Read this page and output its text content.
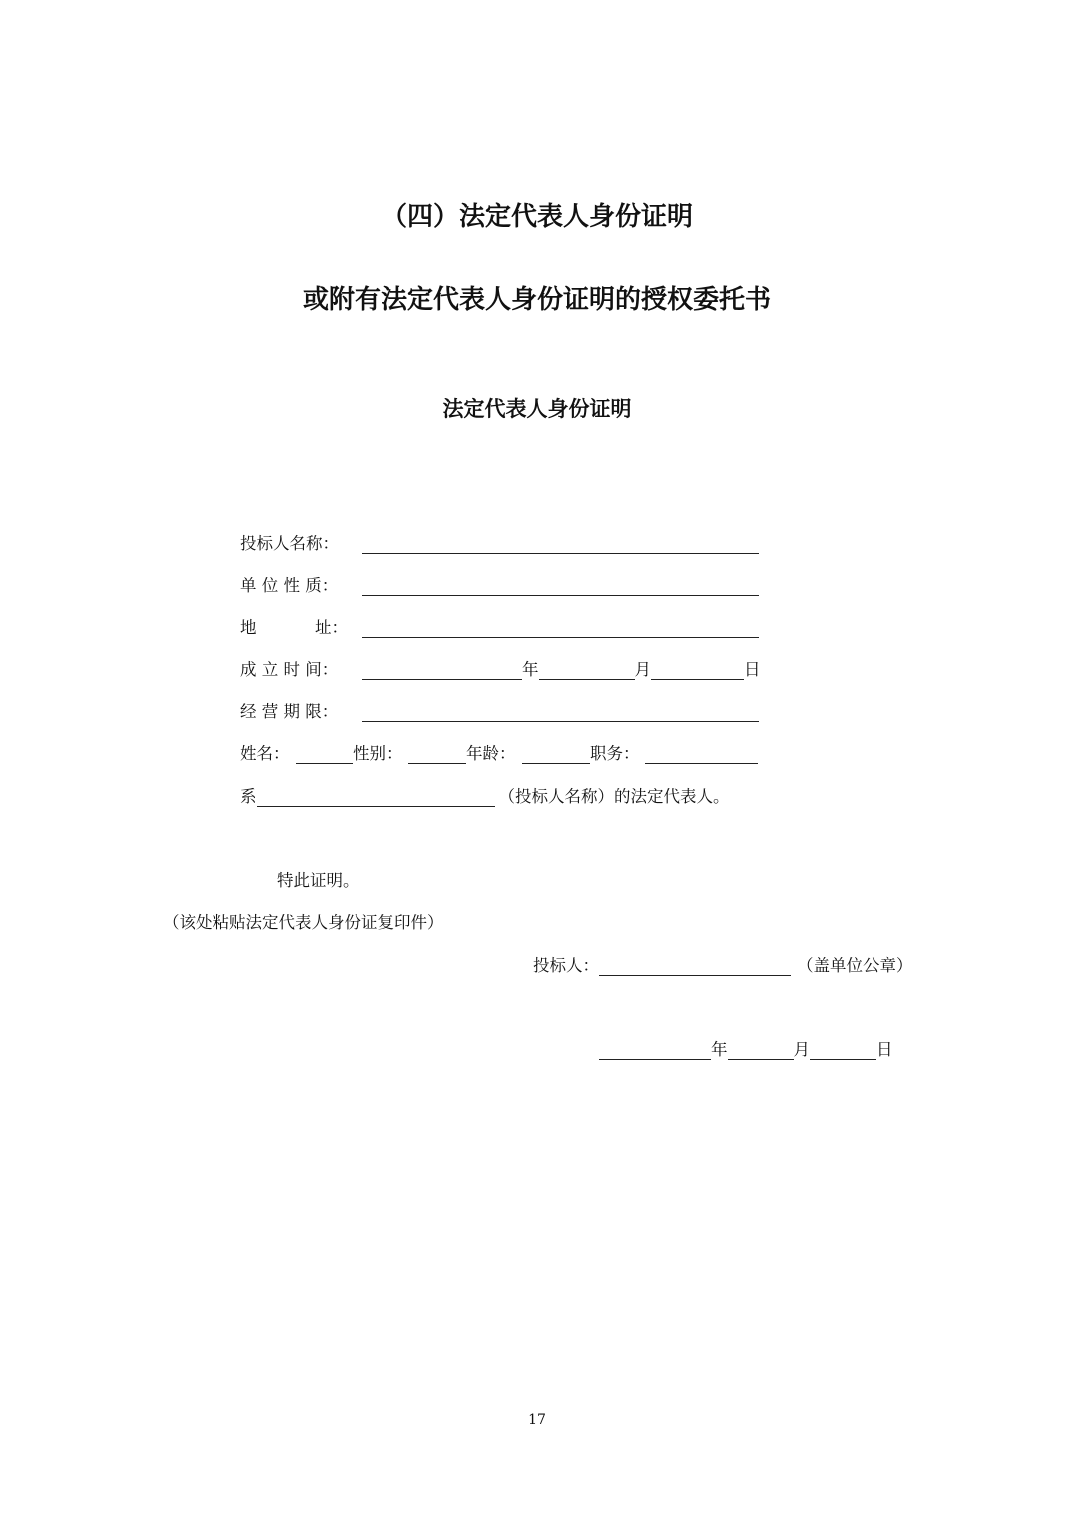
（四）法定代表人身份证明
或附有法定代表人身份证明的授权委托书
法定代表人身份证明
投标人名称：
单 位 性 质：
地	址：
成 立 时 间：	年	月	日
经 营 期 限：
姓名：	性别：	年龄：	职务：
系	（投标人名称）的法定代表人。
特此证明。
（该处粘贴法定代表人身份证复印件）
投标人：	（盖单位公章）
年	月	日
17
